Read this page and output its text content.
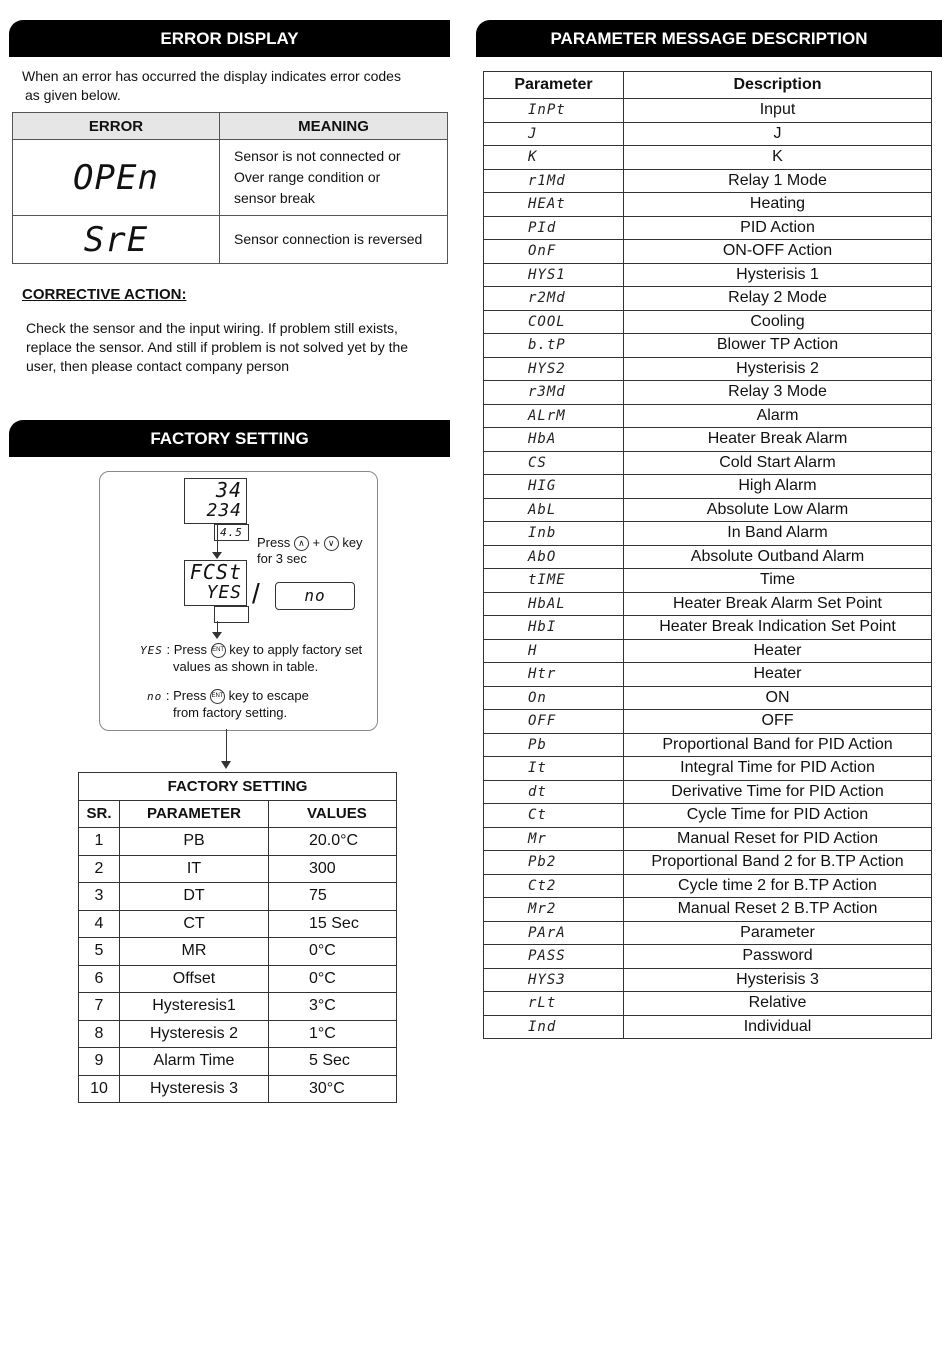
ERROR DISPLAY
When an error has occurred the display indicates error codes
as given below.
ERROR	MEANING
OPEn	Sensor is not connected or
Over range condition or
sensor break

SrE	Sensor connection is reversed
CORRECTIVE ACTION:
Check the sensor and the input wiring. If problem still exists,
replace the sensor. And still if problem is not solved yet by the
user, then please contact company person
FACTORY SETTING
34
234
4.5
Press ∧ + ∨ key
for 3 sec
FCSt
YES /	no
YES : Press ENT key to apply factory set
values as shown in table.
no : Press ENT key to escape
from factory setting.
FACTORY SETTING		
SR.	PARAMETER	VALUES
1	PB	20.0°C
2	IT	300
3	DT	75
4	CT	15 Sec
5	MR	0°C
6	Offset	0°C
7	Hysteresis1	3°C
8	Hysteresis 2	1°C
9	Alarm Time	5 Sec
10	Hysteresis 3	30°C
PARAMETER MESSAGE DESCRIPTION
Parameter	Description
InPt	Input
J	J
K	K
r1Md	Relay 1 Mode
HEAt	Heating
PId	PID Action
OnF	ON-OFF Action
HYS1	Hysterisis 1
r2Md	Relay 2 Mode
COOL	Cooling
b.tP	Blower TP Action
HYS2	Hysterisis 2
r3Md	Relay 3 Mode
ALrM	Alarm
HbA	Heater Break Alarm
CS	Cold Start Alarm
HIG	High Alarm
AbL	Absolute Low Alarm
Inb	In Band Alarm
AbO	Absolute Outband Alarm
tIME	Time
HbAL	Heater Break Alarm Set Point
HbI	Heater Break Indication Set Point
H	Heater
Htr	Heater
On	ON
OFF	OFF
Pb	Proportional Band for PID Action
It	Integral Time for PID Action
dt	Derivative Time for PID Action
Ct	Cycle Time for PID Action
Mr	Manual Reset for PID Action
Pb2	Proportional Band 2 for B.TP Action
Ct2	Cycle time 2 for B.TP Action
Mr2	Manual Reset 2 B.TP Action
PArA	Parameter
PASS	Password
HYS3	Hysterisis 3
rLt	Relative
Ind	Individual
